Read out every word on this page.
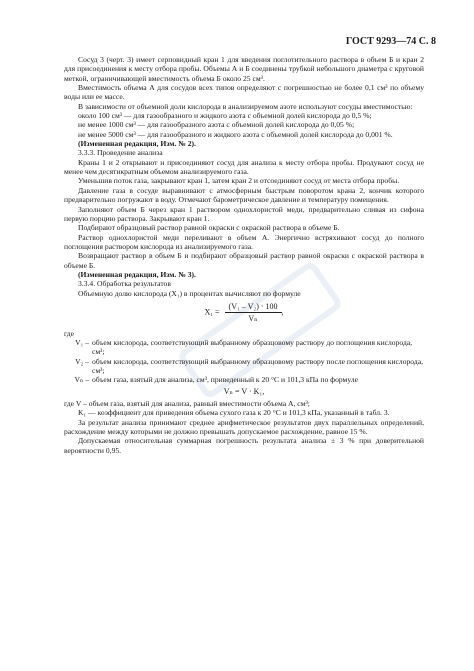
ГОСТ 9293—74 С. 8

Сосуд 3 (черт. 3) имеет серповидный кран 1 для введения поглотительного раствора в объем Б и кран 2 для присоединения к месту отбора пробы. Объемы А и Б соединены трубкой небольшого диаметра с круговой меткой, ограничивающей вместимость объема Б около 25 см³.

Вместимость объема А для сосудов всех типов определяют с погрешностью не более 0,1 см³ по объему воды или ее массе.

В зависимости от объемной доли кислорода в анализируемом азоте используют сосуды вместимостью:

около 100 см³ — для газообразного и жидкого азота с объемной долей кислорода до 0,5 %;

не менее 1000 см³ — для газообразного азота с объемной долей кислорода до 0,05 %;

не менее 5000 см³ — для газообразного и жидкого азота с объемной долей кислорода до 0,001 %.

(Измененная редакция, Изм. № 2).

3.3.3. Проведение анализа

Краны 1 и 2 открывают и присоединяют сосуд для анализа к месту отбора пробы. Продувают сосуд не менее чем десятикратным объемом анализируемого газа.

Уменьшив поток газа, закрывают кран 1, затем кран 2 и отсоединяют сосуд от места отбора пробы.

Давление газа в сосуде выравнивают с атмосферным быстрым поворотом крана 2, кончик которого предварительно погружают в воду. Отмечают барометрическое давление и температуру помещения.

Заполняют объем Б через кран 1 раствором однохлористой меди, предварительно сливая из сифона первую порцию раствора. Закрывают кран 1.

Подбирают образцовый раствор равной окраски с окраской раствора в объеме Б.

Раствор однохлористой меди переливают в объем А. Энергично встряхивают сосуд до полного поглощения раствором кислорода из анализируемого газа.

Возвращают раствор в объем Б и подбирают образцовый раствор равной окраски с окраской раствора в объеме Б.

(Измененная редакция, Изм. № 3).

3.3.4. Обработка результатов

Объемную долю кислорода (X₁) в процентах вычисляют по формуле

$X_1 = \frac{\text{(V₁ – V₂) · 100}}{\text{Vₙ}}$ ,

где

V₁ – объем кислорода, соответствующий выбранному образцовому раствору до поглощения кислорода, см³;
V₂ – объем кислорода, соответствующий выбранному образцовому раствору после поглощения кислорода, см³;
Vₙ – объем газа, взятый для анализа, см³, приведенный к 20 °C и 101,3 кПа по формуле
Vₙ = V · K₁,

где V – объем газа, взятый для анализа, равный вместимости объема А, см³;

K₁ — коэффициент для приведения объема сухого газа к 20 °C и 101,3 кПа, указанный в табл. 3.

За результат анализа принимают среднее арифметическое результатов двух параллельных определений, расхождение между которыми не должно превышать допускаемое расхождение, равное 15 %.

Допускаемая относительная суммарная погрешность результата анализа ± 3 % при доверительной вероятности 0,95.
